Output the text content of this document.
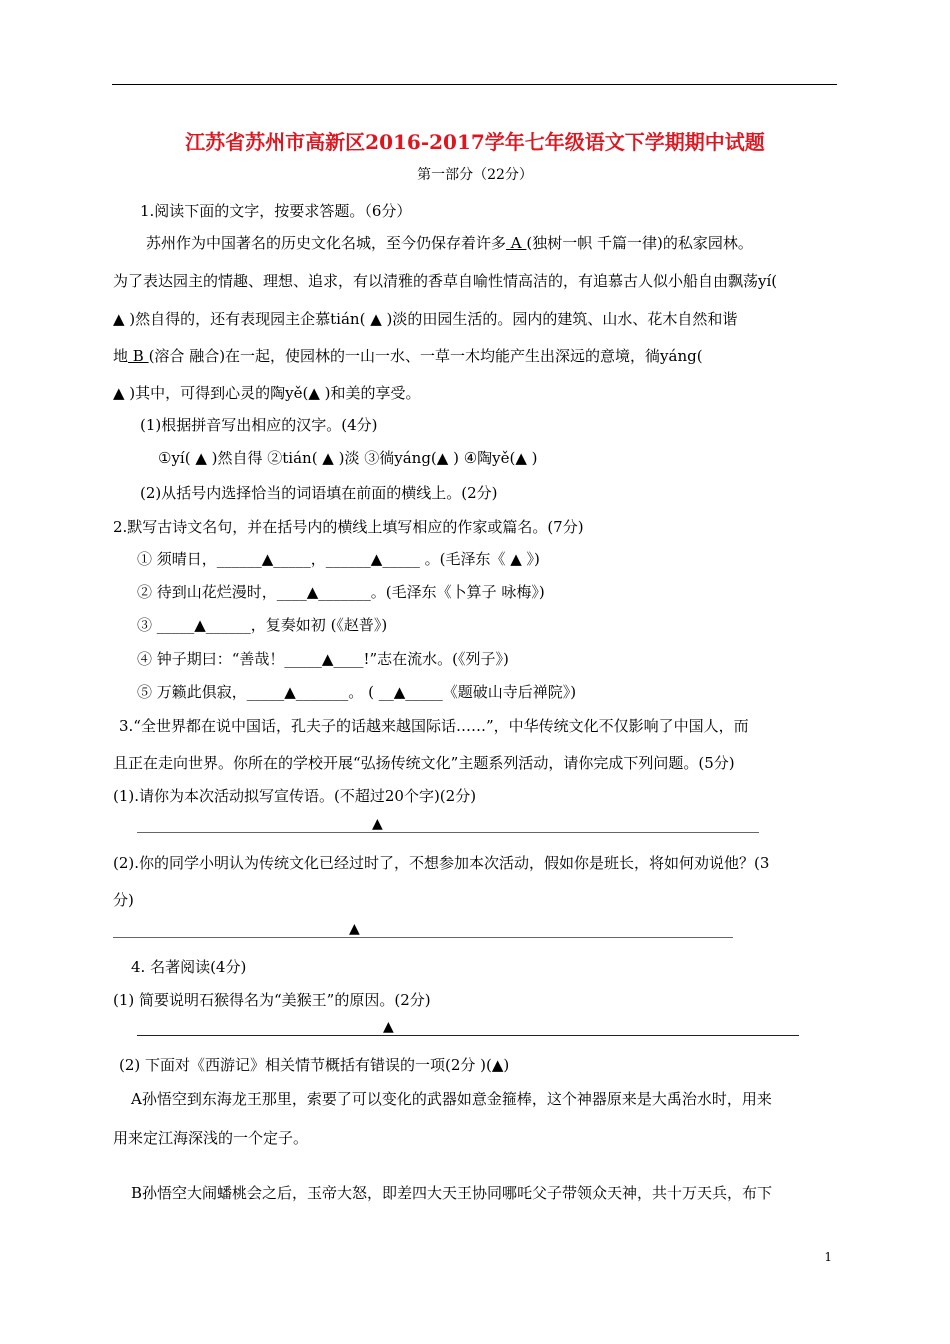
江苏省苏州市高新区2016-2017学年七年级语文下学期期中试题
第一部分（22分）
1.阅读下面的文字，按要求答题。（6分）
苏州作为中国著名的历史文化名城，至今仍保存着许多 A (独树一帜 千篇一律)的私家园林。
为了表达园主的情趣、理想、追求，有以清雅的香草自喻性情高洁的，有追慕古人似小船自由飘荡yí(
▲ )然自得的，还有表现园主企慕tián( ▲ )淡的田园生活的。园内的建筑、山水、花木自然和谐
地 B (溶合 融合)在一起，使园林的一山一水、一草一木均能产生出深远的意境，徜yáng(
▲ )其中，可得到心灵的陶yě(▲ )和美的享受。
(1)根据拼音写出相应的汉字。(4分)
①yí( ▲ )然自得 ②tián( ▲ )淡 ③徜yáng(▲ ) ④陶yě(▲ )
(2)从括号内选择恰当的词语填在前面的横线上。(2分)
2.默写古诗文名句，并在括号内的横线上填写相应的作家或篇名。(7分)
① 须晴日，______▲_____，______▲_____ 。(毛泽东《 ▲ 》)
② 待到山花烂漫时，____▲_______。(毛泽东《卜算子 咏梅》)
③ _____▲______，复奏如初 (《赵普》)
④ 钟子期曰：“善哉！_____▲____!”志在流水。(《列子》)
⑤ 万籁此俱寂，_____▲_______。 ( __▲_____《题破山寺后禅院》)
3.“全世界都在说中国话，孔夫子的话越来越国际话……”，中华传统文化不仅影响了中国人，而
且正在走向世界。你所在的学校开展“弘扬传统文化”主题系列活动，请你完成下列问题。(5分)
(1).请你为本次活动拟写宣传语。(不超过20个字)(2分)
▲
(2).你的同学小明认为传统文化已经过时了，不想参加本次活动，假如你是班长，将如何劝说他？(3
分)
▲
4. 名著阅读(4分)
(1) 简要说明石猴得名为“美猴王”的原因。(2分)
▲
(2) 下面对《西游记》相关情节概括有错误的一项(2分 )(▲)
A孙悟空到东海龙王那里，索要了可以变化的武器如意金箍棒，这个神器原来是大禹治水时，用来
用来定江海深浅的一个定子。
B孙悟空大闹蟠桃会之后，玉帝大怒，即差四大天王协同哪吒父子带领众天神，共十万天兵，布下
1
